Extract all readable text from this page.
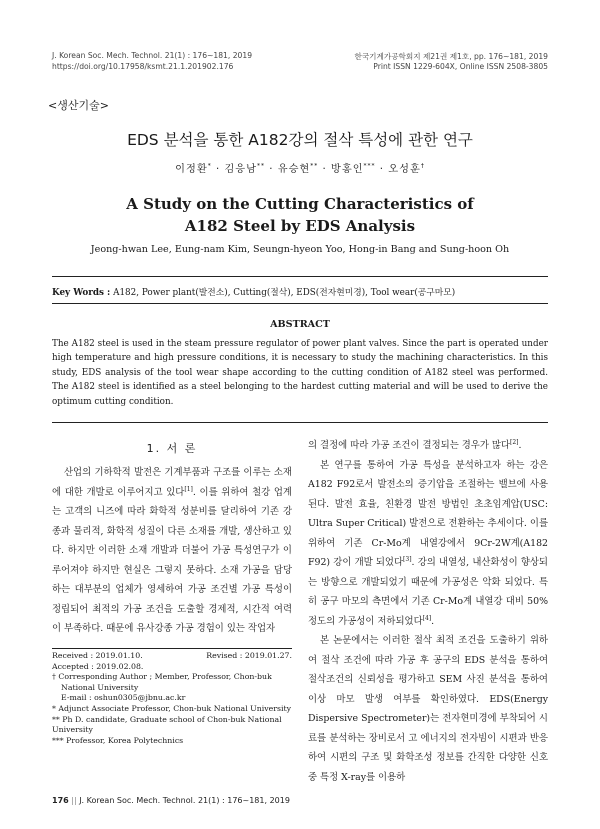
J. Korean Soc. Mech. Technol. 21(1) : 176~181, 2019
https://doi.org/10.17958/ksmt.21.1.201902.176
한국기계가공학회지 제21권 제1호, pp. 176~181, 2019
Print ISSN 1229-604X, Online ISSN 2508-3805
<생산기술>
EDS 분석을 통한 A182강의 절삭 특성에 관한 연구
이정환* · 김응남** · 유승현** · 방홍인*** · 오성훈†
A Study on the Cutting Characteristics of
A182 Steel by EDS Analysis
Jeong-hwan Lee, Eung-nam Kim, Seungn-hyeon Yoo, Hong-in Bang and Sung-hoon Oh
Key Words : A182, Power plant(발전소), Cutting(절삭), EDS(전자현미경), Tool wear(공구마모)
ABSTRACT
The A182 steel is used in the steam pressure regulator of power plant valves. Since the part is operated under high temperature and high pressure conditions, it is necessary to study the machining characteristics. In this study, EDS analysis of the tool wear shape according to the cutting condition of A182 steel was performed. The A182 steel is identified as a steel belonging to the hardest cutting material and will be used to derive the optimum cutting condition.
1. 서 론

산업의 기하학적 발전은 기계부품과 구조를 이루는 소재에 대한 개발로 이루어지고 있다[1]. 이를 위하여 철강 업계는 고객의 니즈에 따라 화학적 성분비를 달리하여 기존 강종과 물리적, 화학적 성질이 다른 소재를 개발, 생산하고 있다. 하지만 이러한 소재 개발과 더불어 가공 특성연구가 이루어져야 하지만 현실은 그렇지 못하다. 소재 가공을 담당하는 대부분의 업체가 영세하여 가공 조건별 가공 특성이 정립되어 최적의 가공 조건을 도출할 경제적, 시간적 여력이 부족하다. 때문에 유사강종 가공 경험이 있는 작업자

Received : 2019.01.10.	Revised : 2019.01.27.
Accepted : 2019.02.08.
† Corresponding Author ; Member, Professor, Chon-buk National University
E-mail : oshun0305@jbnu.ac.kr
* Adjunct Associate Professor, Chon-buk National University
** Ph D. candidate, Graduate school of Chon-buk National University
*** Professor, Korea Polytechnics

의 결정에 따라 가공 조건이 결정되는 경우가 많다[2].

본 연구를 통하여 가공 특성을 분석하고자 하는 강은 A182 F92로서 발전소의 증기압을 조절하는 밸브에 사용된다. 발전 효율, 친환경 발전 방법인 초초임계압(USC: Ultra Super Critical) 발전으로 전환하는 추세이다. 이를 위하여 기존 Cr-Mo계 내열강에서 9Cr-2W계(A182 F92) 강이 개발 되었다[3]. 강의 내열성, 내산화성이 향상되는 방향으로 개발되었기 때문에 가공성은 악화 되었다. 특히 공구 마모의 측면에서 기존 Cr-Mo계 내열강 대비 50% 정도의 가공성이 저하되었다[4].

본 논문에서는 이러한 절삭 최적 조건을 도출하기 위하여 절삭 조건에 따라 가공 후 공구의 EDS 분석을 통하여 절삭조건의 신뢰성을 평가하고 SEM 사진 분석을 통하여 이상 마모 발생 여부를 확인하였다. EDS(Energy Dispersive Spectrometer)는 전자현미경에 부착되어 시료를 분석하는 장비로서 고 에너지의 전자빔이 시편과 반응하여 시편의 구조 및 화학조성 정보를 간직한 다양한 신호 중 특정 X-ray를 이용하

176 || J. Korean Soc. Mech. Technol. 21(1) : 176~181, 2019
